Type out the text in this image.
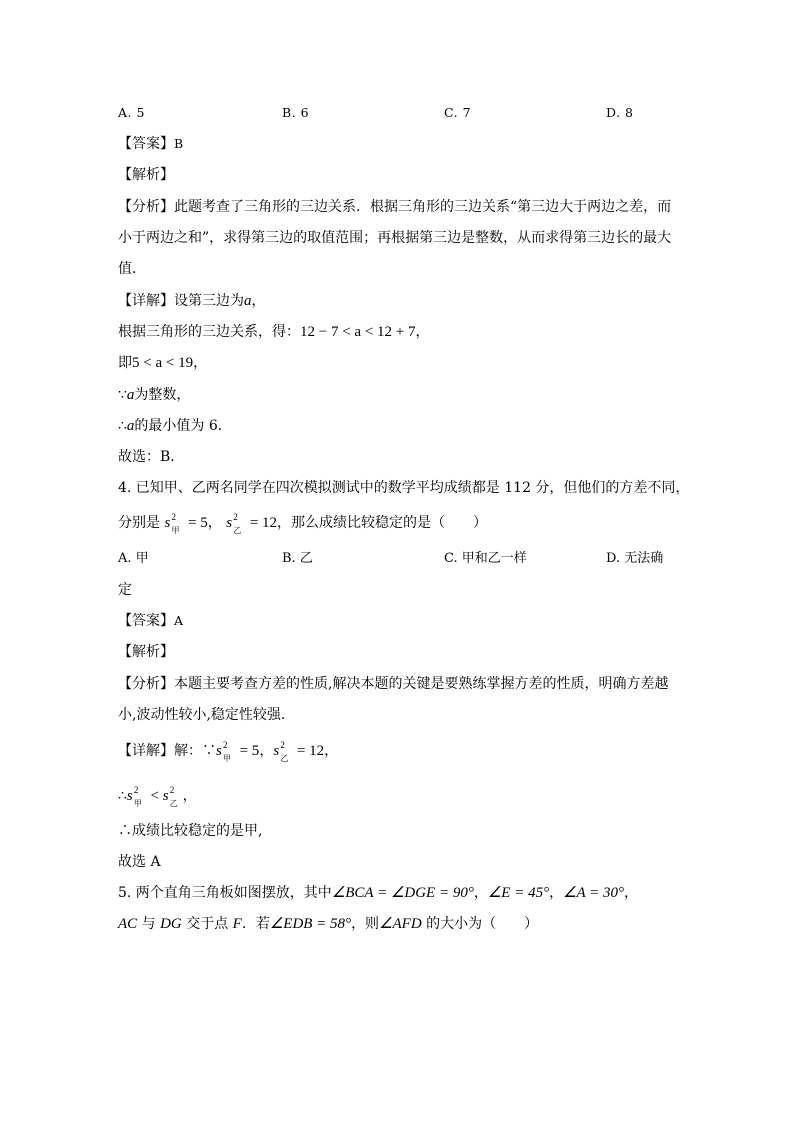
A. 5	B. 6	C. 7	D. 8
【答案】B
【解析】
【分析】此题考查了三角形的三边关系．根据三角形的三边关系“第三边大于两边之差，而
小于两边之和”，求得第三边的取值范围；再根据第三边是整数，从而求得第三边长的最大
值．
【详解】设第三边为a，
根据三角形的三边关系，得：12 − 7 < a < 12 + 7，
即5 < a < 19，
∵a为整数，
∴a的最小值为 6．
故选：B．
4. 已知甲、乙两名同学在四次模拟测试中的数学平均成绩都是 112 分，但他们的方差不同，
分别是 s 2
甲 = 5， s 2
乙 = 12，那么成绩比较稳定的是（　　）
A. 甲	B. 乙	C. 甲和乙一样	D. 无法确
定
【答案】A
【解析】
【分析】本题主要考查方差的性质,解决本题的关键是要熟练掌握方差的性质，明确方差越
小,波动性较小,稳定性较强.
【详解】解：∵s 2
甲 = 5，s 2
乙 = 12，
∴s 2
甲 < s 2
乙 ，
∴成绩比较稳定的是甲,
故选 A
5. 两个直角三角板如图摆放，其中∠BCA = ∠DGE = 90°，∠E = 45°，∠A = 30°，
AC 与 DG 交于点 F．若∠EDB = 58°，则∠AFD 的大小为（　　）
